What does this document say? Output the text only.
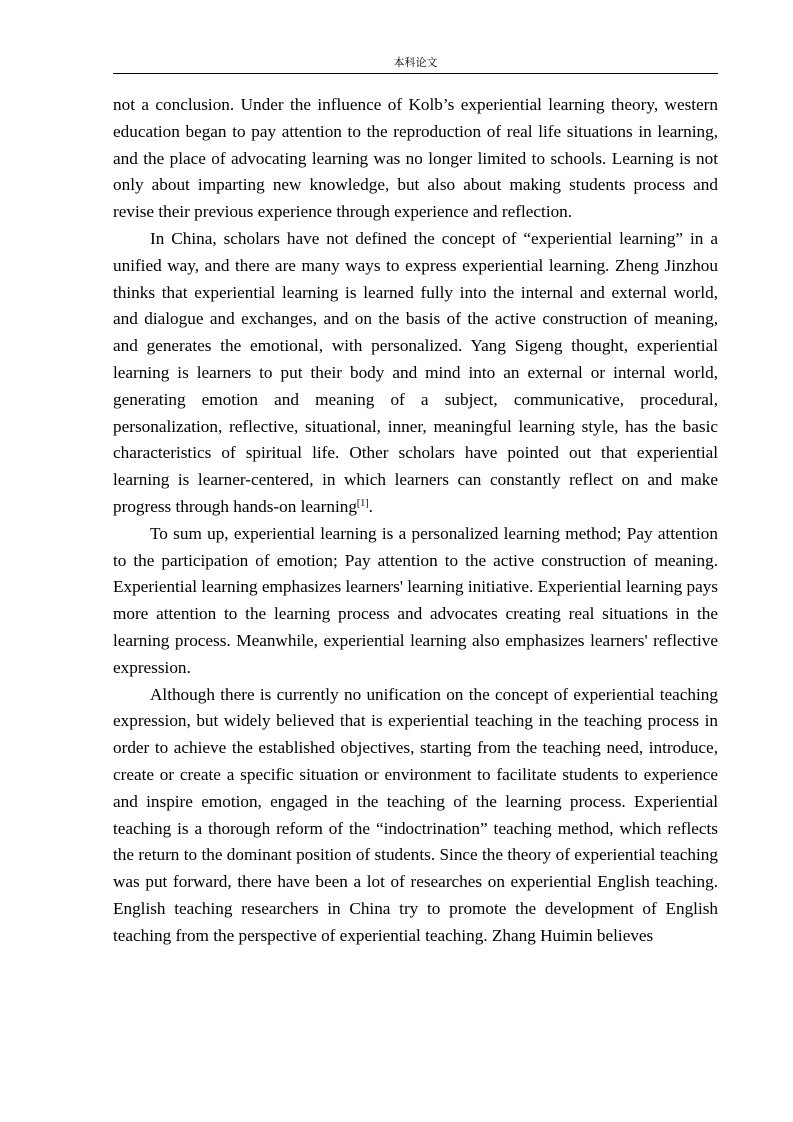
本科论文

not a conclusion. Under the influence of Kolb’s experiential learning theory, western education began to pay attention to the reproduction of real life situations in learning, and the place of advocating learning was no longer limited to schools. Learning is not only about imparting new knowledge, but also about making students process and revise their previous experience through experience and reflection.

In China, scholars have not defined the concept of “experiential learning” in a unified way, and there are many ways to express experiential learning. Zheng Jinzhou thinks that experiential learning is learned fully into the internal and external world, and dialogue and exchanges, and on the basis of the active construction of meaning, and generates the emotional, with personalized. Yang Sigeng thought, experiential learning is learners to put their body and mind into an external or internal world, generating emotion and meaning of a subject, communicative, procedural, personalization, reflective, situational, inner, meaningful learning style, has the basic characteristics of spiritual life. Other scholars have pointed out that experiential learning is learner-centered, in which learners can constantly reflect on and make progress through hands-on learning[1].

To sum up, experiential learning is a personalized learning method; Pay attention to the participation of emotion; Pay attention to the active construction of meaning. Experiential learning emphasizes learners' learning initiative. Experiential learning pays more attention to the learning process and advocates creating real situations in the learning process. Meanwhile, experiential learning also emphasizes learners' reflective expression.

Although there is currently no unification on the concept of experiential teaching expression, but widely believed that is experiential teaching in the teaching process in order to achieve the established objectives, starting from the teaching need, introduce, create or create a specific situation or environment to facilitate students to experience and inspire emotion, engaged in the teaching of the learning process. Experiential teaching is a thorough reform of the “indoctrination” teaching method, which reflects the return to the dominant position of students. Since the theory of experiential teaching was put forward, there have been a lot of researches on experiential English teaching. English teaching researchers in China try to promote the development of English teaching from the perspective of experiential teaching. Zhang Huimin believes
